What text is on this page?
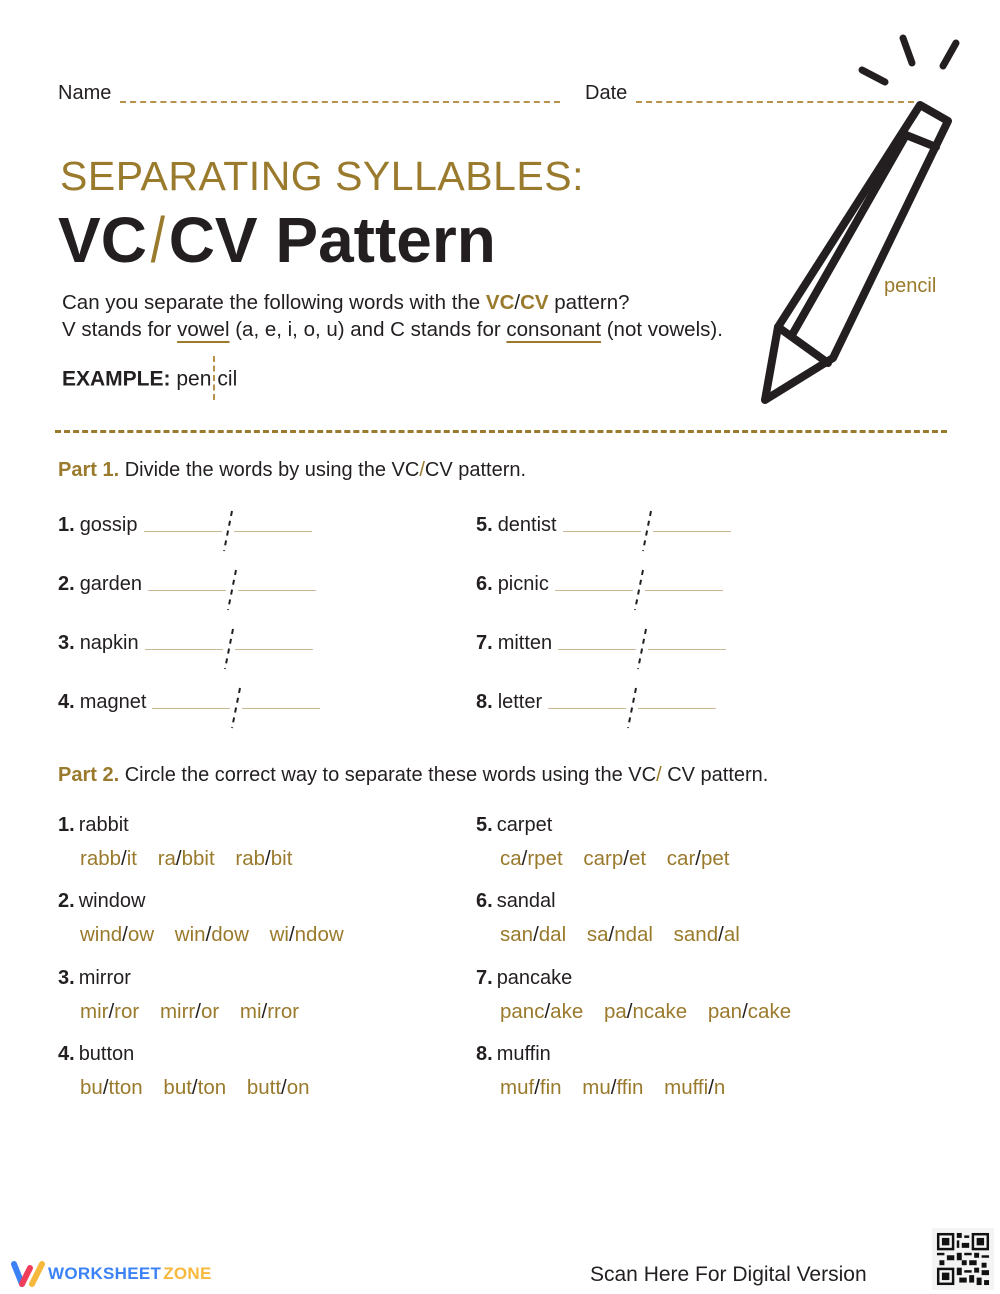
Name	Date
SEPARATING SYLLABLES:
VC/CV Pattern
pencil
Can you separate the following words with the VC/CV pattern?
V stands for vowel (a, e, i, o, u) and C stands for consonant (not vowels).
EXAMPLE: pen cil
Part 1. Divide the words by using the VC/CV pattern.
1. gossip
2. garden
3. napkin
4. magnet
5. dentist
6. picnic
7. mitten
8. letter
Part 2. Circle the correct way to separate these words using the VC/ CV pattern.
1. rabbit
rabb/it ra/bbit rab/bit
2. window
wind/ow win/dow wi/ndow
3. mirror
mir/ror mirr/or mi/rror
4. button
bu/tton but/ton butt/on
5. carpet
ca/rpet carp/et car/pet
6. sandal
san/dal sa/ndal sand/al
7. pancake
panc/ake pa/ncake pan/cake
8. muffin
muf/fin mu/ffin muffi/n
WORKSHEET ZONE	Scan Here For Digital Version
